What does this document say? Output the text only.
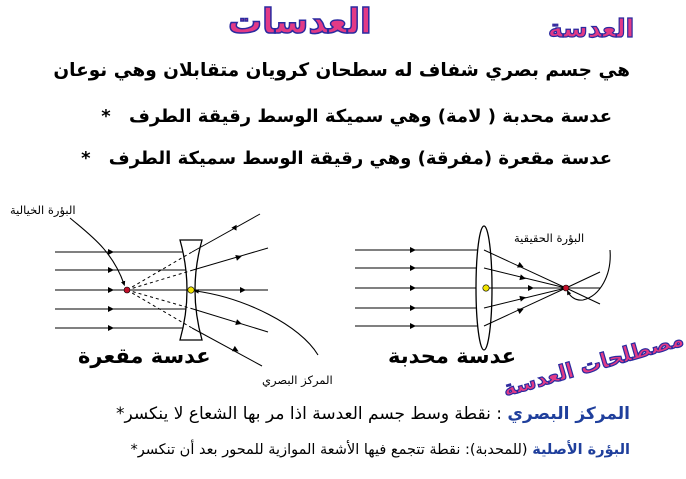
العدسات	العدسة
هي جسم بصري شفاف له سطحان كرويان متقابلان وهي نوعان
عدسة محدبة ( لامة) وهي سميكة الوسط رقيقة الطرف *
عدسة مقعرة (مفرقة) وهي رقيقة الوسط سميكة الطرف *
البؤرة الخيالية
البؤرة الحقيقية
عدسة مقعرة	عدسة محدبة
المركز البصري	مصطلحات العدسة
المركز البصري : نقطة وسط جسم العدسة اذا مر بها الشعاع لا ينكسر*
البؤرة الأصلية (للمحدبة): نقطة تتجمع فيها الأشعة الموازية للمحور بعد أن تنكسر*
